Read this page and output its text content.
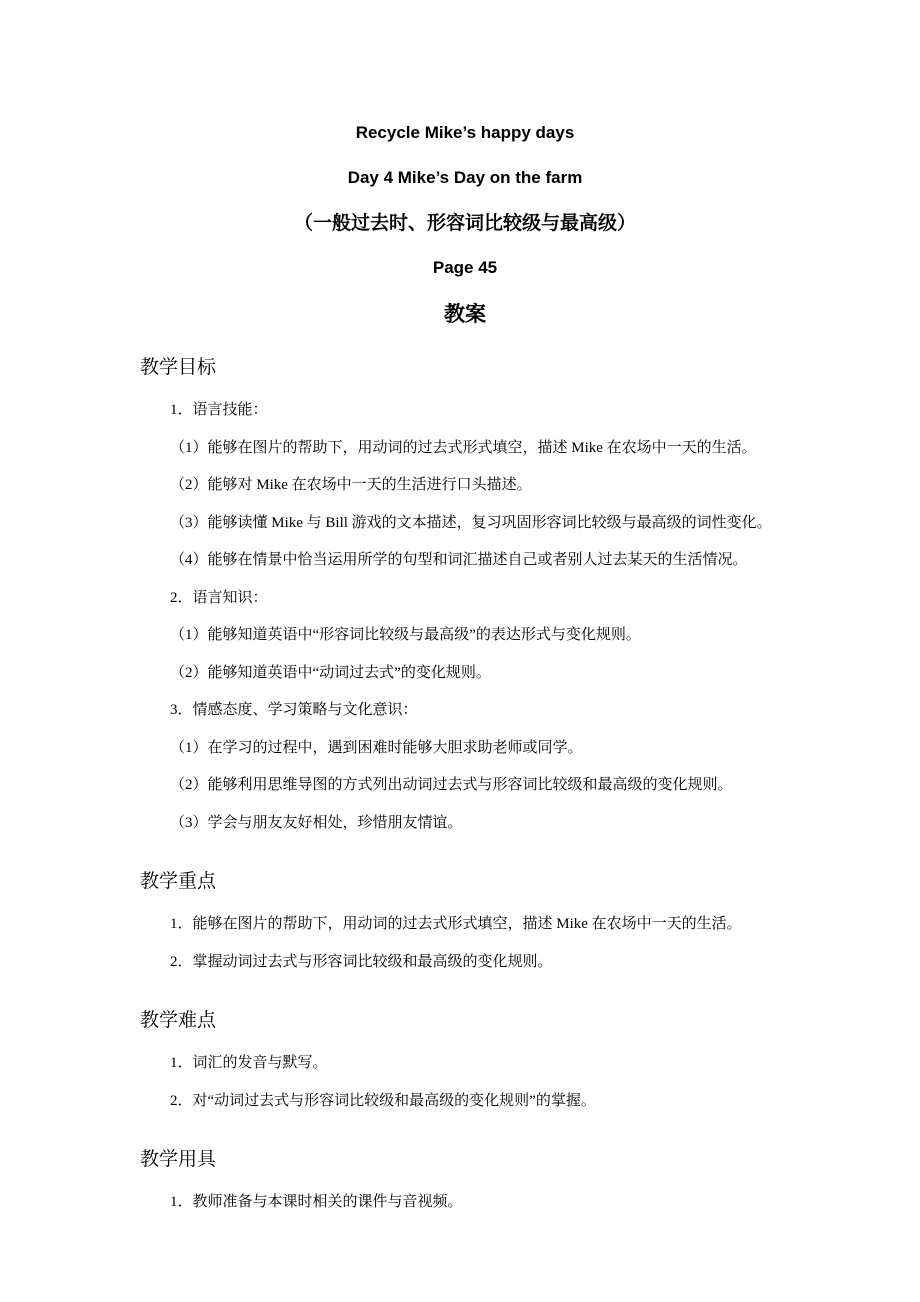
Recycle Mike’s happy days

Day 4 Mike’s Day on the farm

（一般过去时、形容词比较级与最高级）

Page 45

教案

教学目标

1．语言技能：

（1）能够在图片的帮助下，用动词的过去式形式填空，描述 Mike 在农场中一天的生活。

（2）能够对 Mike 在农场中一天的生活进行口头描述。

（3）能够读懂 Mike 与 Bill 游戏的文本描述，复习巩固形容词比较级与最高级的词性变化。

（4）能够在情景中恰当运用所学的句型和词汇描述自己或者别人过去某天的生活情况。

2．语言知识：

（1）能够知道英语中“形容词比较级与最高级”的表达形式与变化规则。

（2）能够知道英语中“动词过去式”的变化规则。

3．情感态度、学习策略与文化意识：

（1）在学习的过程中，遇到困难时能够大胆求助老师或同学。

（2）能够利用思维导图的方式列出动词过去式与形容词比较级和最高级的变化规则。

（3）学会与朋友友好相处，珍惜朋友情谊。

教学重点

1．能够在图片的帮助下，用动词的过去式形式填空，描述 Mike 在农场中一天的生活。

2．掌握动词过去式与形容词比较级和最高级的变化规则。

教学难点

1．词汇的发音与默写。

2．对“动词过去式与形容词比较级和最高级的变化规则”的掌握。

教学用具

1．教师准备与本课时相关的课件与音视频。
